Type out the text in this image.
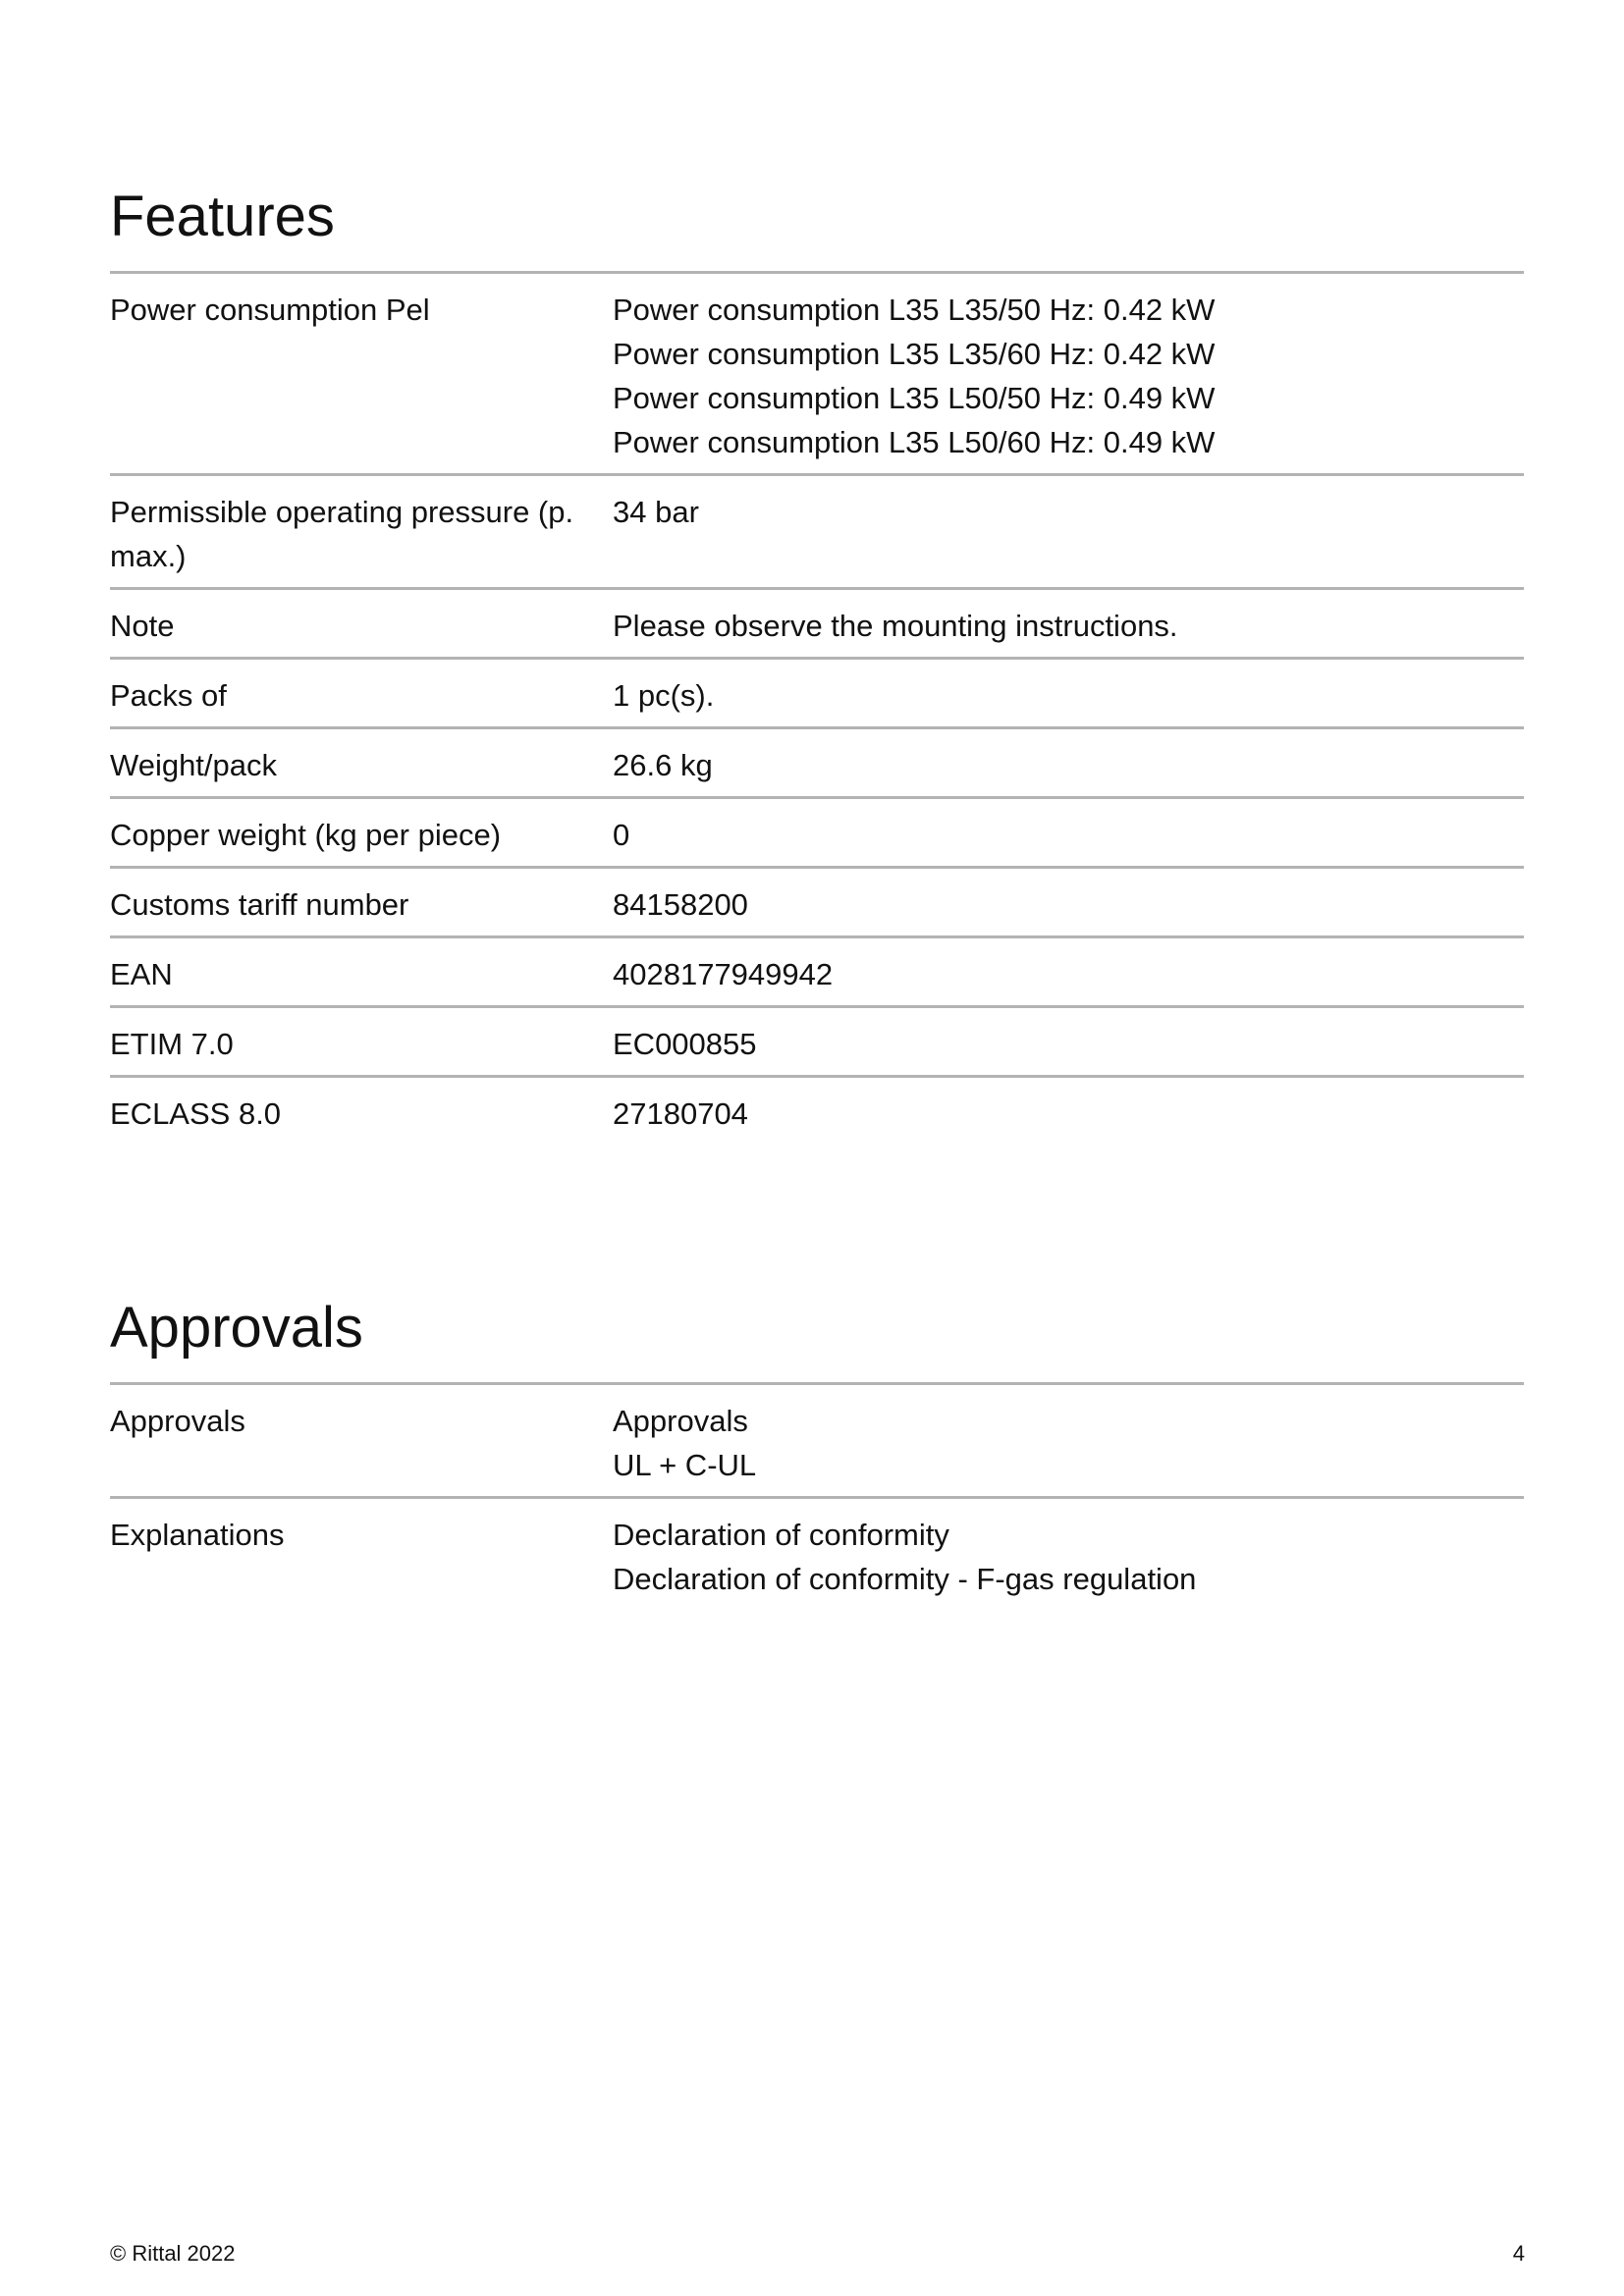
Features
Power consumption Pel	Power consumption L35 L35/50 Hz: 0.42 kW
Power consumption L35 L35/60 Hz: 0.42 kW
Power consumption L35 L50/50 Hz: 0.49 kW
Power consumption L35 L50/60 Hz: 0.49 kW

Permissible operating pressure (p. max.)	34 bar

Note	Please observe the mounting instructions.

Packs of	1 pc(s).

Weight/pack	26.6 kg

Copper weight (kg per piece)	0

Customs tariff number	84158200

EAN	4028177949942

ETIM 7.0	EC000855

ECLASS 8.0	27180704
Approvals
Approvals	Approvals
UL + C-UL

Explanations	Declaration of conformity
Declaration of conformity - F-gas regulation
© Rittal 2022	4
